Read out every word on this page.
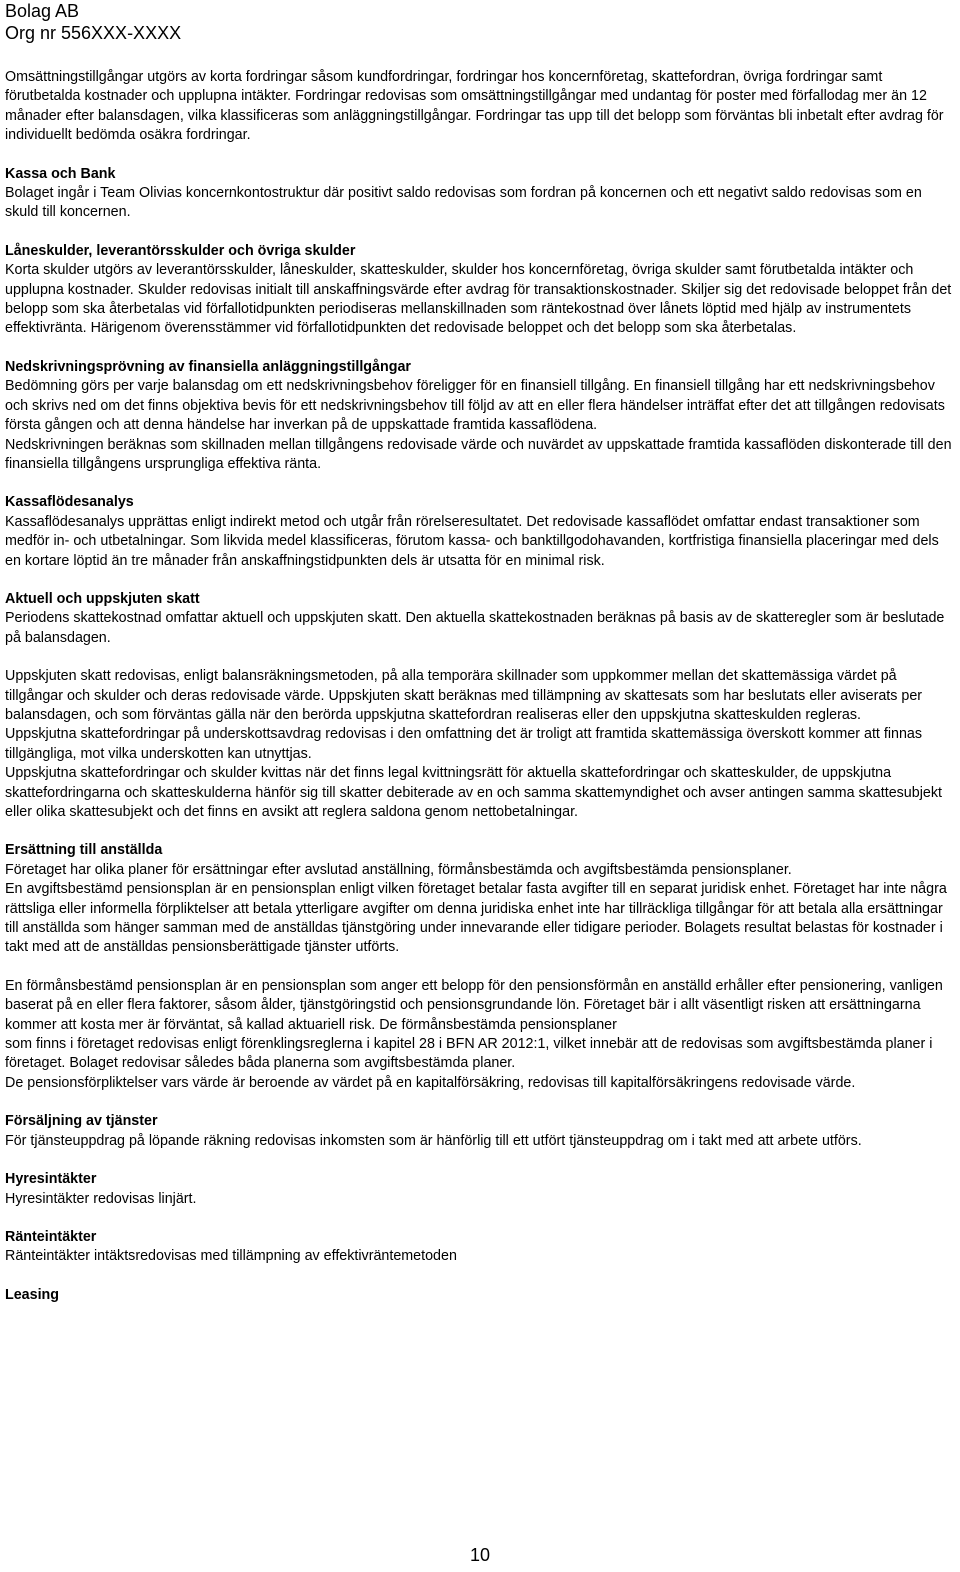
Bolag AB
Org nr 556XXX-XXXX

Omsättningstillgångar utgörs av korta fordringar såsom kundfordringar, fordringar hos koncernföretag, skattefordran, övriga fordringar samt förutbetalda kostnader och upplupna intäkter. Fordringar redovisas som omsättningstillgångar med undantag för poster med förfallodag mer än 12 månader efter balansdagen, vilka klassificeras som anläggningstillgångar. Fordringar tas upp till det belopp som förväntas bli inbetalt efter avdrag för individuellt bedömda osäkra fordringar.

Kassa och Bank

Bolaget ingår i Team Olivias koncernkontostruktur där positivt saldo redovisas som fordran på koncernen och ett negativt saldo redovisas som en skuld till koncernen.

Låneskulder, leverantörsskulder och övriga skulder

Korta skulder utgörs av leverantörsskulder, låneskulder, skatteskulder, skulder hos koncernföretag, övriga skulder samt förutbetalda intäkter och upplupna kostnader. Skulder redovisas initialt till anskaffningsvärde efter avdrag för transaktionskostnader. Skiljer sig det redovisade beloppet från det belopp som ska återbetalas vid förfallotidpunkten periodiseras mellanskillnaden som räntekostnad över lånets löptid med hjälp av instrumentets effektivränta. Härigenom överensstämmer vid förfallotidpunkten det redovisade beloppet och det belopp som ska återbetalas.

Nedskrivningsprövning av finansiella anläggningstillgångar

Bedömning görs per varje balansdag om ett nedskrivningsbehov föreligger för en finansiell tillgång. En finansiell tillgång har ett nedskrivningsbehov och skrivs ned om det finns objektiva bevis för ett nedskrivningsbehov till följd av att en eller flera händelser inträffat efter det att tillgången redovisats första gången och att denna händelse har inverkan på de uppskattade framtida kassaflödena.

Nedskrivningen beräknas som skillnaden mellan tillgångens redovisade värde och nuvärdet av uppskattade framtida kassaflöden diskonterade till den finansiella tillgångens ursprungliga effektiva ränta.

Kassaflödesanalys

Kassaflödesanalys upprättas enligt indirekt metod och utgår från rörelseresultatet. Det redovisade kassaflödet omfattar endast transaktioner som medför in- och utbetalningar. Som likvida medel klassificeras, förutom kassa- och banktillgodohavanden, kortfristiga finansiella placeringar med dels en kortare löptid än tre månader från anskaffningstidpunkten dels är utsatta för en minimal risk.

Aktuell och uppskjuten skatt

Periodens skattekostnad omfattar aktuell och uppskjuten skatt. Den aktuella skattekostnaden beräknas på basis av de skatteregler som är beslutade på balansdagen.

Uppskjuten skatt redovisas, enligt balansräkningsmetoden, på alla temporära skillnader som uppkommer mellan det skattemässiga värdet på tillgångar och skulder och deras redovisade värde. Uppskjuten skatt beräknas med tillämpning av skattesats som har beslutats eller aviserats per balansdagen, och som förväntas gälla när den berörda uppskjutna skattefordran realiseras eller den uppskjutna skatteskulden regleras.

Uppskjutna skattefordringar på underskottsavdrag redovisas i den omfattning det är troligt att framtida skattemässiga överskott kommer att finnas tillgängliga, mot vilka underskotten kan utnyttjas.

Uppskjutna skattefordringar och skulder kvittas när det finns legal kvittningsrätt för aktuella skattefordringar och skatteskulder, de uppskjutna skattefordringarna och skatteskulderna hänför sig till skatter debiterade av en och samma skattemyndighet och avser antingen samma skattesubjekt eller olika skattesubjekt och det finns en avsikt att reglera saldona genom nettobetalningar.

Ersättning till anställda

Företaget har olika planer för ersättningar efter avslutad anställning, förmånsbestämda och avgiftsbestämda pensionsplaner.

En avgiftsbestämd pensionsplan är en pensionsplan enligt vilken företaget betalar fasta avgifter till en separat juridisk enhet. Företaget har inte några rättsliga eller informella förpliktelser att betala ytterligare avgifter om denna juridiska enhet inte har tillräckliga tillgångar för att betala alla ersättningar till anställda som hänger samman med de anställdas tjänstgöring under innevarande eller tidigare perioder. Bolagets resultat belastas för kostnader i takt med att de anställdas pensionsberättigade tjänster utförts.

En förmånsbestämd pensionsplan är en pensionsplan som anger ett belopp för den pensionsförmån en anställd erhåller efter pensionering, vanligen baserat på en eller flera faktorer, såsom ålder, tjänstgöringstid och pensionsgrundande lön. Företaget bär i allt väsentligt risken att ersättningarna kommer att kosta mer är förväntat, så kallad aktuariell risk. De förmånsbestämda pensionsplaner

som finns i företaget redovisas enligt förenklingsreglerna i kapitel 28 i BFN AR 2012:1, vilket innebär att de redovisas som avgiftsbestämda planer i företaget. Bolaget redovisar således båda planerna som avgiftsbestämda planer.

De pensionsförpliktelser vars värde är beroende av värdet på en kapitalförsäkring, redovisas till kapitalförsäkringens redovisade värde.

Försäljning av tjänster

För tjänsteuppdrag på löpande räkning redovisas inkomsten som är hänförlig till ett utfört tjänsteuppdrag om i takt med att arbete utförs.

Hyresintäkter

Hyresintäkter redovisas linjärt.

Ränteintäkter

Ränteintäkter intäktsredovisas med tillämpning av effektivräntemetoden

Leasing
10
